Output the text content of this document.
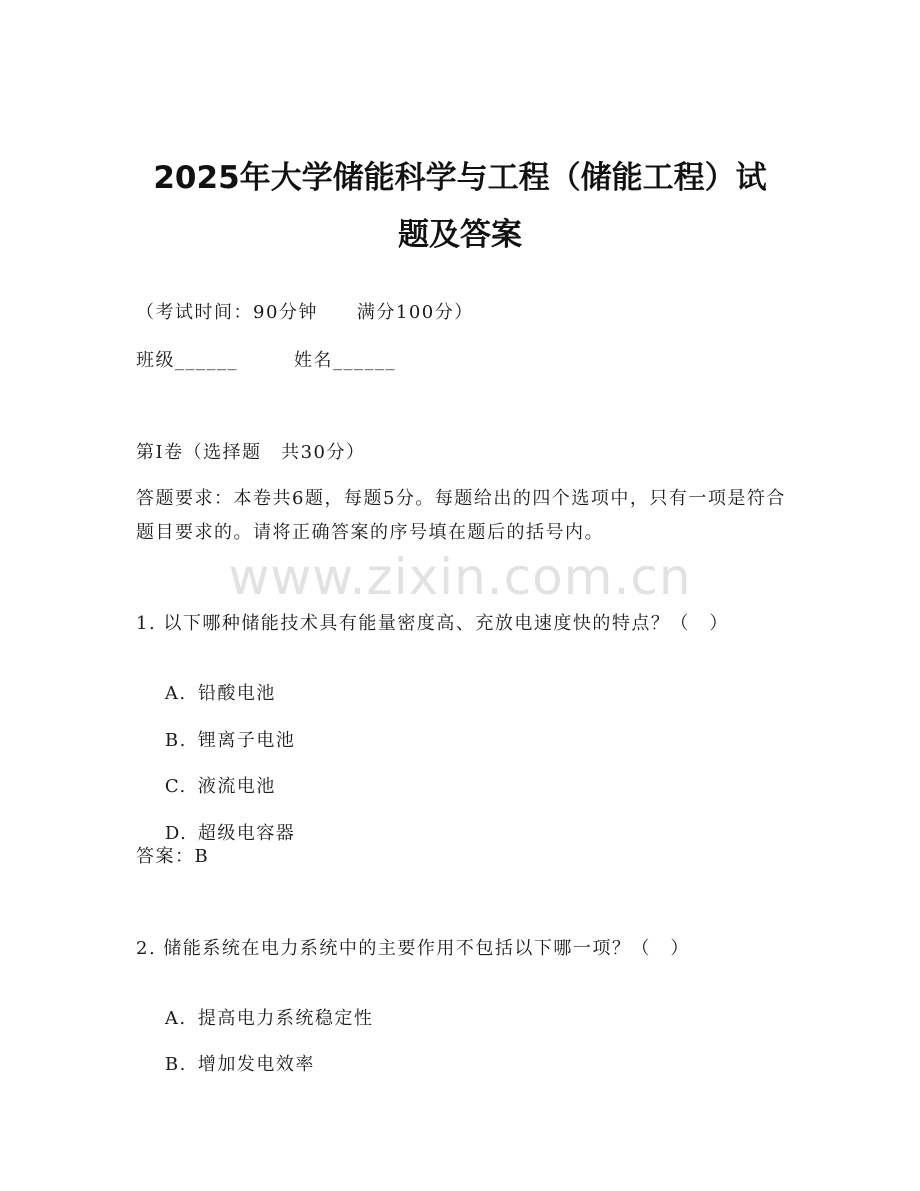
2025年大学储能科学与工程（储能工程）试
题及答案
（考试时间：90分钟　　满分100分）
班级______	姓名______
第I卷（选择题　共30分）
答题要求：本卷共6题，每题5分。每题给出的四个选项中，只有一项是符合题目要求的。请将正确答案的序号填在题后的括号内。
www.zixin.com.cn
1. 以下哪种储能技术具有能量密度高、充放电速度快的特点？（　）

A. 铅酸电池

B. 锂离子电池

C. 液流电池

D. 超级电容器

答案：B
2. 储能系统在电力系统中的主要作用不包括以下哪一项？（　）

A. 提高电力系统稳定性

B. 增加发电效率
